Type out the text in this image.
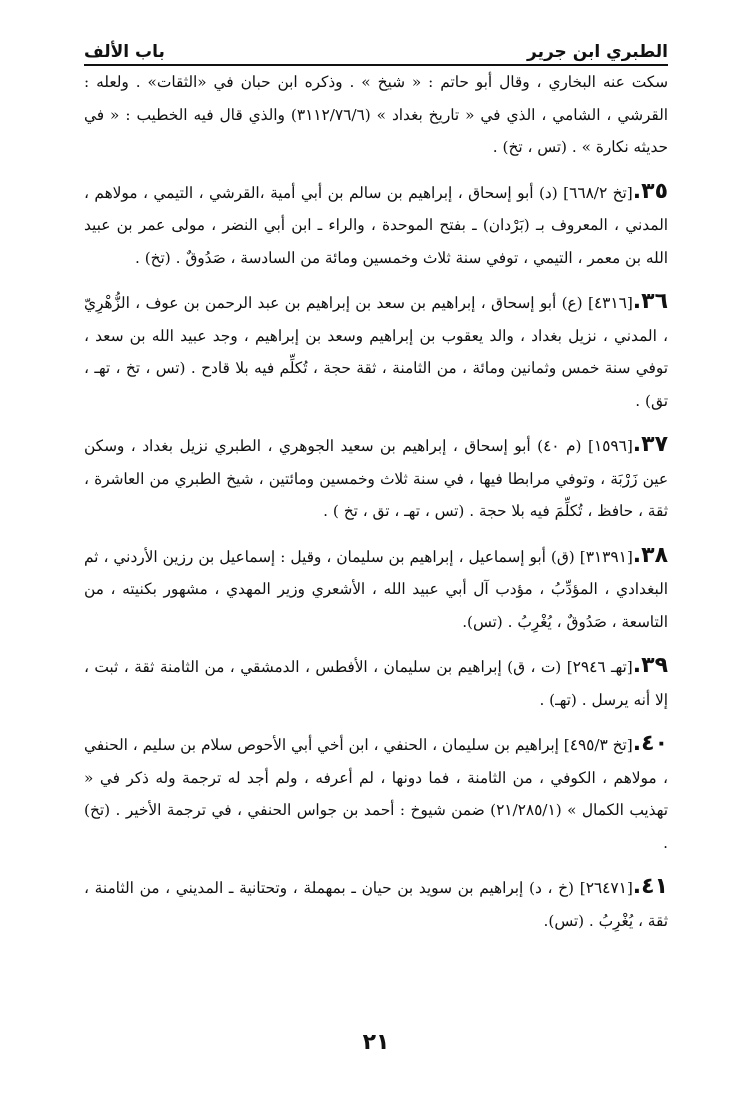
الطبري ابن جرير
باب الألف

سكت عنه البخاري ، وقال أبو حاتم : « شيخ » . وذكره ابن حبان في «الثقات» . ولعله : القرشي ، الشامي ، الذي في « تاريخ بغداد » (٣١١٢/٧٦/٦) والذي قال فيه الخطيب : « في حديثه نكارة » . (تس ، تخ) .

٣٥.[تخ ٦٦٨/٢] (د) أبو إسحاق ، إبراهيم بن سالم بن أبي أمية ،القرشي ، التيمي ، مولاهم ، المدني ، المعروف بـ (بَرْدان) ـ بفتح الموحدة ، والراء ـ ابن أبي النضر ، مولى عمر بن عبيد الله بن معمر ، التيمي ، توفي سنة ثلاث وخمسين ومائة من السادسة ، صَدُوقٌ . (تخ) .

٣٦.[٤٣١٦] (ع) أبو إسحاق ، إبراهيم بن سعد بن إبراهيم بن عبد الرحمن بن عوف ، الزُّهْرِيّ ، المدني ، نزيل بغداد ، والد يعقوب بن إبراهيم وسعد بن إبراهيم ، وجد عبيد الله بن سعد ، توفي سنة خمس وثمانين ومائة ، من الثامنة ، ثقة حجة ، تُكلِّم فيه بلا قادح . (تس ، تخ ، تهـ ، تق) .

٣٧.[١٥٩٦] (م ٤٠) أبو إسحاق ، إبراهيم بن سعيد الجوهري ، الطبري نزيل بغداد ، وسكن عين زَرْبَة ، وتوفي مرابطا فيها ، في سنة ثلاث وخمسين ومائتين ، شيخ الطبري من العاشرة ، ثقة ، حافظ ، تُكلِّمَ فيه بلا حجة . (تس ، تهـ ، تق ، تخ ) .

٣٨.[٣١٣٩١] (ق) أبو إسماعيل ، إبراهيم بن سليمان ، وقيل : إسماعيل بن رزين الأردني ، ثم البغدادي ، المؤدِّبُ ، مؤدب آل أبي عبيد الله ، الأشعري وزير المهدي ، مشهور بكنيته ، من التاسعة ، صَدُوقٌ ، يُغْرِبُ . (تس).

٣٩.[تهـ ٢٩٤٦] (ت ، ق) إبراهيم بن سليمان ، الأفطس ، الدمشقي ، من الثامنة ثقة ، ثبت ، إلا أنه يرسل . (تهـ) .

٤٠.[تخ ٤٩٥/٣] إبراهيم بن سليمان ، الحنفي ، ابن أخي أبي الأحوص سلام بن سليم ، الحنفي ، مولاهم ، الكوفي ، من الثامنة ، فما دونها ، لم أعرفه ، ولم أجد له ترجمة وله ذكر في « تهذيب الكمال » (٢١/٢٨٥/١) ضمن شيوخ : أحمد بن جواس الحنفي ، في ترجمة الأخير . (تخ) .

٤١.[٢٦٤٧١] (خ ، د) إبراهيم بن سويد بن حيان ـ بمهملة ، وتحتانية ـ المديني ، من الثامنة ، ثقة ، يُغْرِبُ . (تس).

٢١
